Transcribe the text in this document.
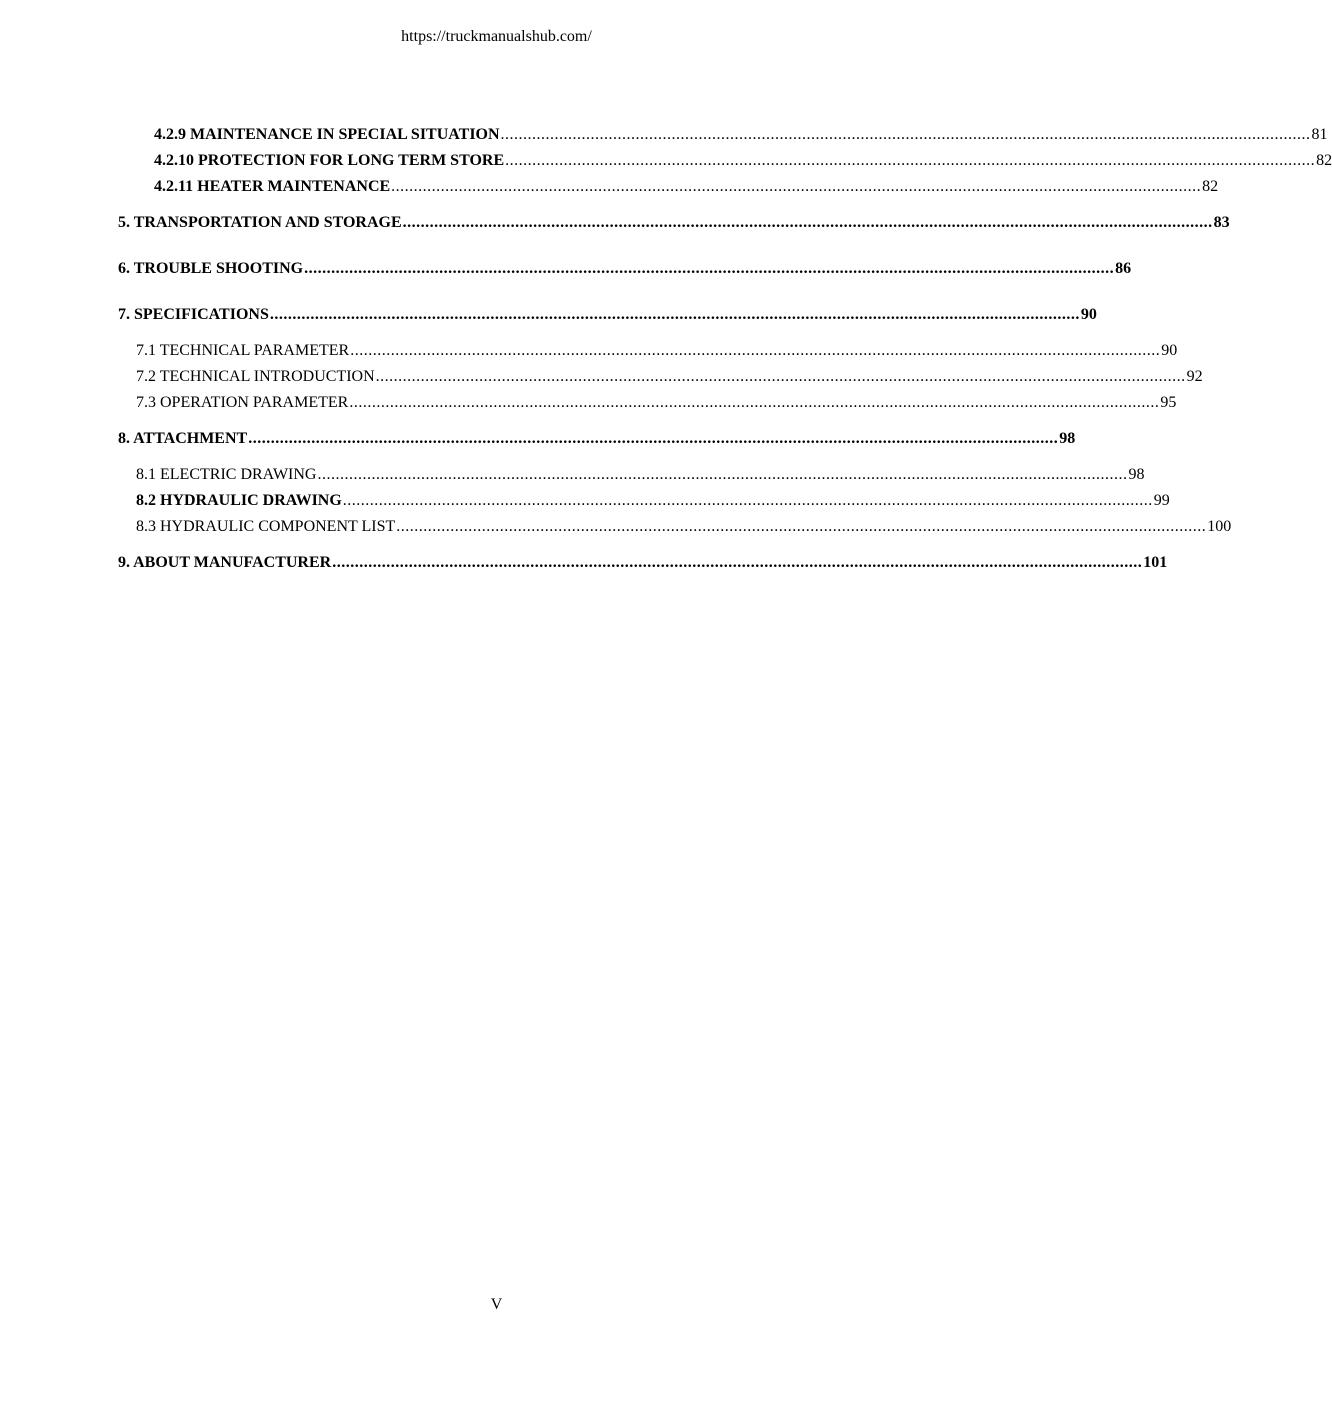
https://truckmanualshub.com/
4.2.9 MAINTENANCE IN SPECIAL SITUATION .................................................................................................................................................................................... 81
4.2.10 PROTECTION FOR LONG TERM STORE .................................................................................................................................................................................... 82
4.2.11 HEATER MAINTENANCE .................................................................................................................................................................................... 82
5. TRANSPORTATION AND STORAGE .................................................................................................................................................................................... 83
6. TROUBLE SHOOTING .................................................................................................................................................................................... 86
7. SPECIFICATIONS .................................................................................................................................................................................... 90
7.1 TECHNICAL PARAMETER .................................................................................................................................................................................... 90
7.2 TECHNICAL INTRODUCTION .................................................................................................................................................................................... 92
7.3 OPERATION PARAMETER .................................................................................................................................................................................... 95
8. ATTACHMENT .................................................................................................................................................................................... 98
8.1 ELECTRIC DRAWING .................................................................................................................................................................................... 98
8.2 HYDRAULIC DRAWING .................................................................................................................................................................................... 99
8.3 HYDRAULIC COMPONENT LIST .................................................................................................................................................................................... 100
9. ABOUT MANUFACTURER .................................................................................................................................................................................... 101
V
